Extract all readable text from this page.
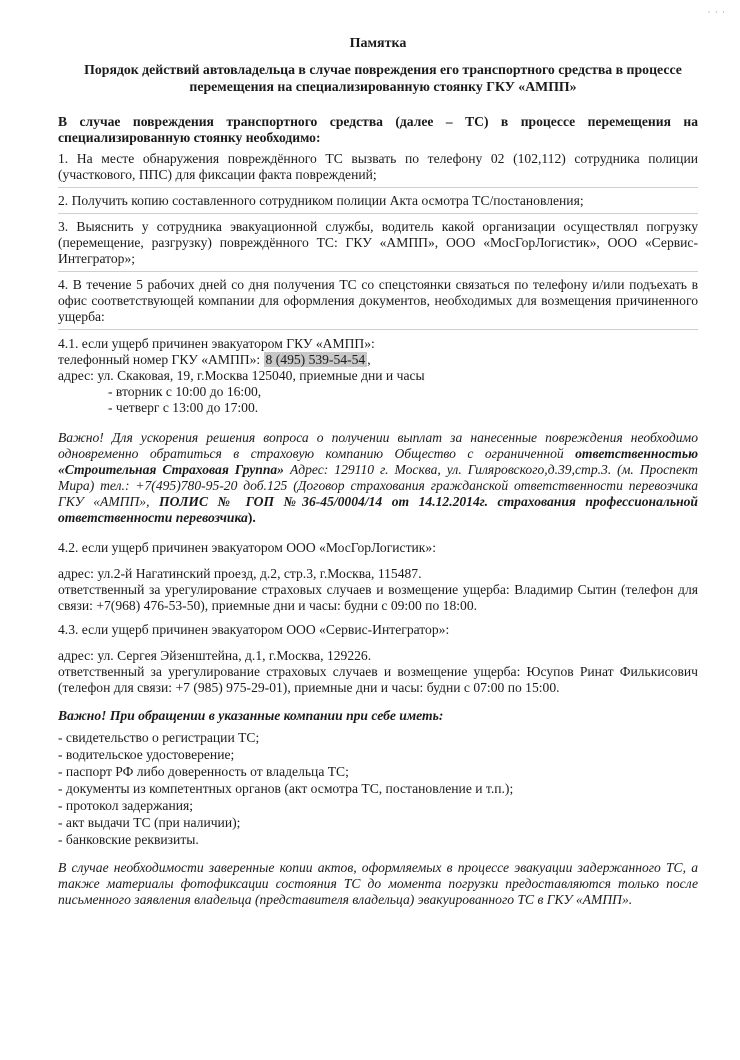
· · ·
Памятка
Порядок действий автовладельца в случае повреждения его транспортного средства в процессе перемещения на специализированную стоянку ГКУ «АМПП»
В случае повреждения транспортного средства (далее – ТС) в процессе перемещения на специализированную стоянку необходимо:

1. На месте обнаружения повреждённого ТС вызвать по телефону 02 (102,112) сотрудника полиции (участкового, ППС) для фиксации факта повреждений;

2. Получить копию составленного сотрудником полиции Акта осмотра ТС/постановления;

3. Выяснить у сотрудника эвакуационной службы, водитель какой организации осуществлял погрузку (перемещение, разгрузку) повреждённого ТС: ГКУ «АМПП», ООО «МосГорЛогистик», ООО «Сервис-Интегратор»;

4. В течение 5 рабочих дней со дня получения ТС со спецстоянки связаться по телефону и/или подъехать в офис соответствующей компании для оформления документов, необходимых для возмещения причиненного ущерба:

4.1. если ущерб причинен эвакуатором ГКУ «АМПП»:

телефонный номер ГКУ «АМПП»: 8 (495) 539-54-54 ,

адрес: ул. Скаковая, 19, г.Москва 125040, приемные дни и часы

- вторник с 10:00 до 16:00,

- четверг с 13:00 до 17:00.

Важно! Для ускорения решения вопроса о получении выплат за нанесенные повреждения необходимо одновременно обратиться в страховую компанию Общество с ограниченной ответственностью «Строительная Страховая Группа» Адрес: 129110 г. Москва, ул. Гиляровского,д.39,стр.3. (м. Проспект Мира) тел.: +7(495)780-95-20 доб.125 (Договор страхования гражданской ответственности перевозчика ГКУ «АМПП», ПОЛИС № ГОП №36-45/0004/14 от 14.12.2014г. страхования профессиональной ответственности перевозчика).

4.2. если ущерб причинен эвакуатором ООО «МосГорЛогистик»:

адрес: ул.2-й Нагатинский проезд, д.2, стр.3, г.Москва, 115487.

ответственный за урегулирование страховых случаев и возмещение ущерба: Владимир Сытин (телефон для связи: +7(968) 476-53-50), приемные дни и часы: будни с 09:00 по 18:00.

4.3. если ущерб причинен эвакуатором ООО «Сервис-Интегратор»:

адрес: ул. Сергея Эйзенштейна, д.1, г.Москва, 129226.

ответственный за урегулирование страховых случаев и возмещение ущерба: Юсупов Ринат Филькисович (телефон для связи: +7 (985) 975-29-01), приемные дни и часы: будни с 07:00 по 15:00.

Важно! При обращении в указанные компании при себе иметь:
- свидетельство о регистрации ТС;
- водительское удостоверение;
- паспорт РФ либо доверенность от владельца ТС;
- документы из компетентных органов (акт осмотра ТС, постановление и т.п.);
- протокол задержания;
- акт выдачи ТС (при наличии);
- банковские реквизиты.

В случае необходимости заверенные копии актов, оформляемых в процессе эвакуации задержанного ТС, а также материалы фотофиксации состояния ТС до момента погрузки предоставляются только после письменного заявления владельца (представителя владельца) эвакуированного ТС в ГКУ «АМПП».
